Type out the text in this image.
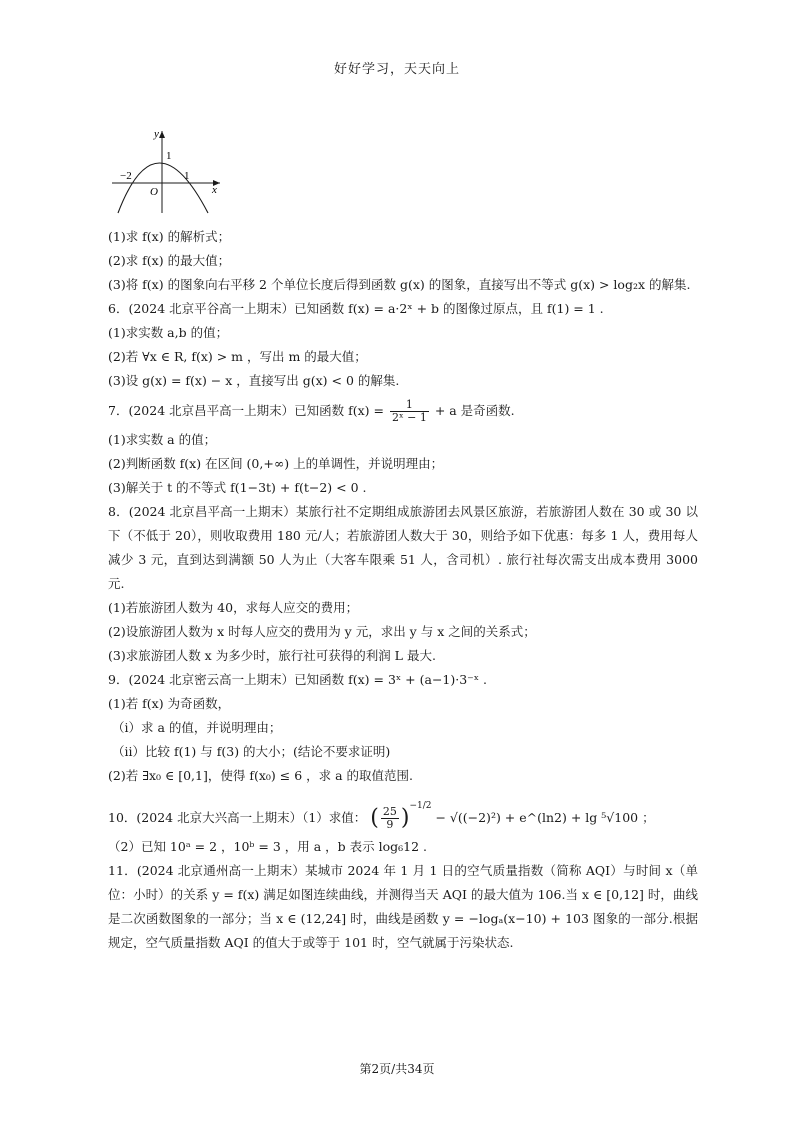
好好学习，天天向上
y
x
1
−2
O
1
(1)求 f(x) 的解析式；
(2)求 f(x) 的最大值；
(3)将 f(x) 的图象向右平移 2 个单位长度后得到函数 g(x) 的图象，直接写出不等式 g(x) > log₂x 的解集.
6．(2024 北京平谷高一上期末）已知函数 f(x) = a·2ˣ + b 的图像过原点，且 f(1) = 1 .
(1)求实数 a,b 的值；
(2)若 ∀x ∈ R, f(x) > m ，写出 m 的最大值；
(3)设 g(x) = f(x) − x ，直接写出 g(x) < 0 的解集.
7．(2024 北京昌平高一上期末）已知函数 $f(x) = \frac{1}{\text{2ˣ − 1}} + a$ 是奇函数.
(1)求实数 a 的值；
(2)判断函数 f(x) 在区间 (0,+∞) 上的单调性，并说明理由；
(3)解关于 t 的不等式 f(1−3t) + f(t−2) < 0 .
8．(2024 北京昌平高一上期末）某旅行社不定期组成旅游团去风景区旅游，若旅游团人数在 30 或 30 以下（不低于 20），则收取费用 180 元/人；若旅游团人数大于 30，则给予如下优惠：每多 1 人，费用每人减少 3 元，直到达到满额 50 人为止（大客车限乘 51 人，含司机）. 旅行社每次需支出成本费用 3000 元.
(1)若旅游团人数为 40，求每人应交的费用；
(2)设旅游团人数为 x 时每人应交的费用为 y 元，求出 y 与 x 之间的关系式；
(3)求旅游团人数 x 为多少时，旅行社可获得的利润 L 最大.
9．(2024 北京密云高一上期末）已知函数 f(x) = 3ˣ + (a−1)·3⁻ˣ .
(1)若 f(x) 为奇函数，
（i）求 a 的值，并说明理由；
（ii）比较 f(1) 与 f(3) 的大小；(结论不要求证明)
(2)若 ∃x₀ ∈ [0,1]，使得 f(x₀) ≤ 6 ，求 a 的取值范围.
10．(2024 北京大兴高一上期末）（1）求值： ( $\frac{25}{9} )^{-1/2} - √((-2)^2)$ + e^(ln2) + lg ⁵√100 ；
（2）已知 10ᵃ = 2 ，10ᵇ = 3 ，用 a ，b 表示 log₆12 .
11．(2024 北京通州高一上期末）某城市 2024 年 1 月 1 日的空气质量指数（简称 AQI）与时间 x（单位：小时）的关系 y = f(x) 满足如图连续曲线，并测得当天 AQI 的最大值为 106.当 x ∈ [0,12] 时，曲线是二次函数图象的一部分；当 x ∈ (12,24] 时，曲线是函数 y = −logₐ(x−10) + 103 图象的一部分.根据规定，空气质量指数 AQI 的值大于或等于 101 时，空气就属于污染状态.
第2页/共34页
